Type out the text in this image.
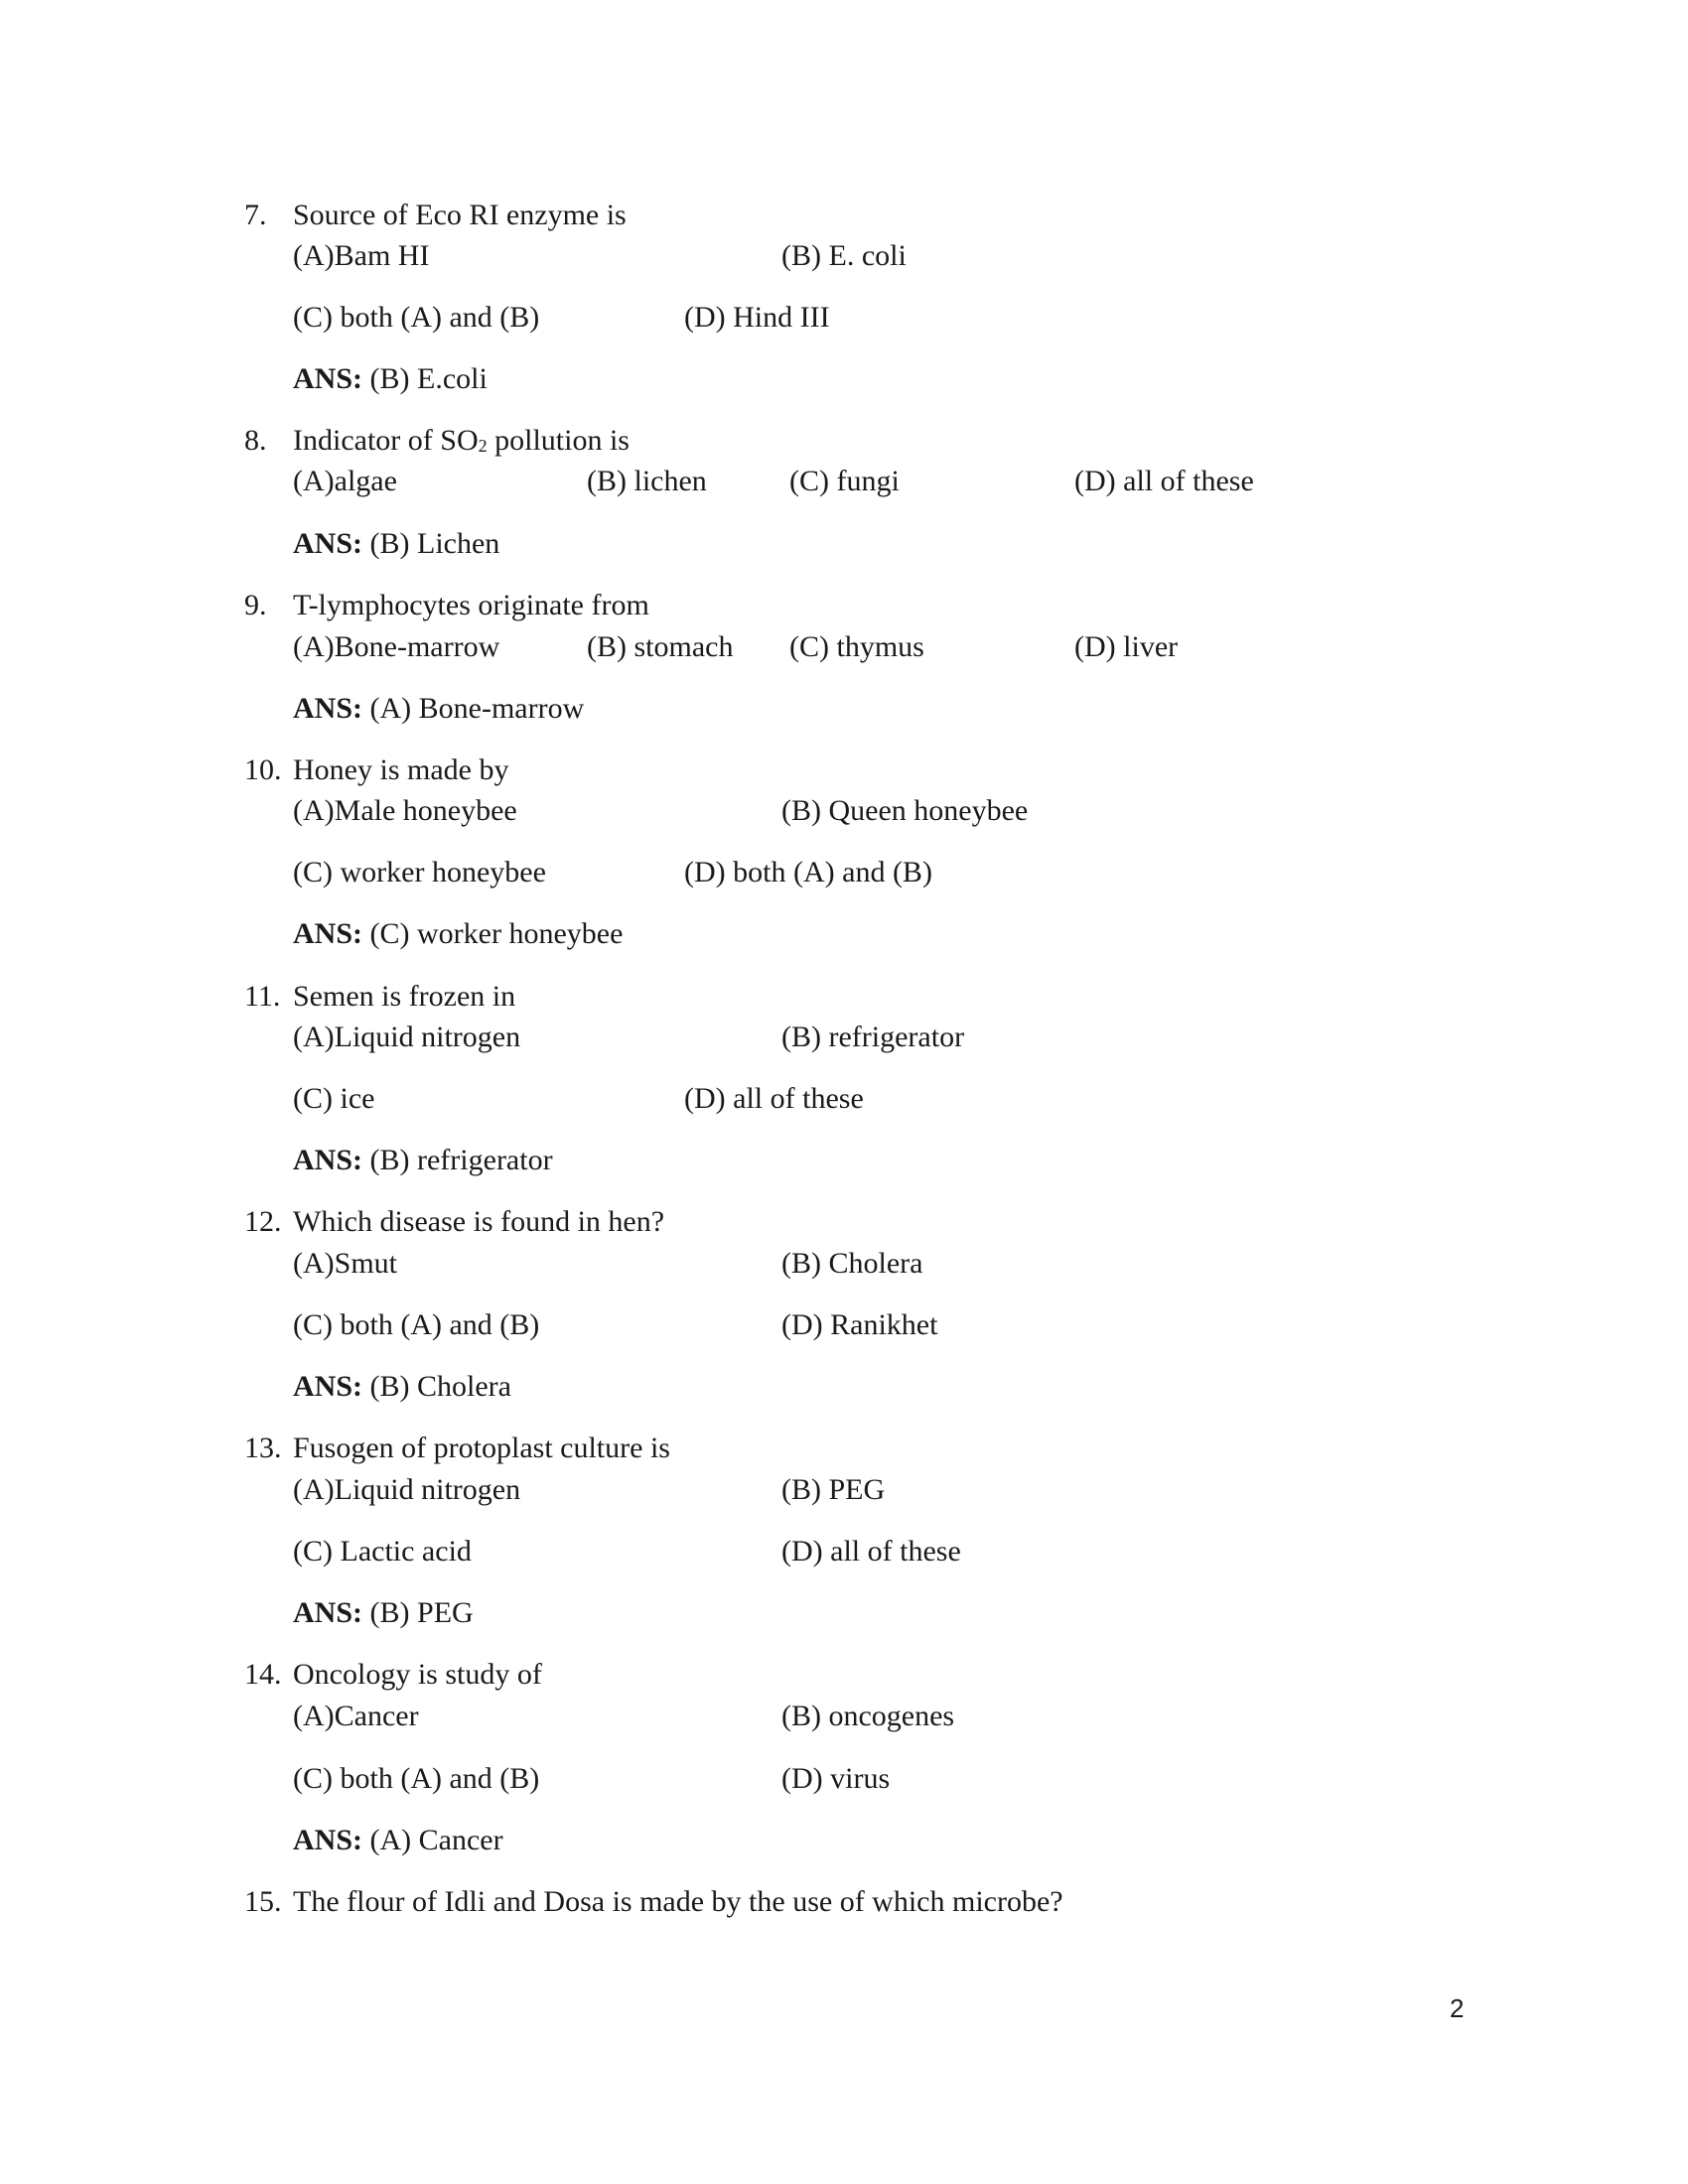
7. Source of Eco RI enzyme is
(A)Bam HI	(B) E. coli
(C) both (A) and (B)	(D) Hind III
ANS: (B) E.coli
8. Indicator of $SO_2$ pollution is
(A)algae	(B) lichen	(C) fungi	(D) all of these
ANS: (B) Lichen
9. T-lymphocytes originate from
(A)Bone-marrow	(B) stomach (C) thymus	(D) liver
ANS: (A) Bone-marrow
10. Honey is made by
(A)Male honeybee	(B) Queen honeybee
(C) worker honeybee	(D) both (A) and (B)
ANS: (C) worker honeybee
11. Semen is frozen in
(A)Liquid nitrogen	(B) refrigerator
(C) ice	(D) all of these
ANS: (B) refrigerator
12. Which disease is found in hen?
(A)Smut	(B) Cholera
(C) both (A) and (B)	(D) Ranikhet
ANS: (B) Cholera
13. Fusogen of protoplast culture is
(A)Liquid nitrogen	(B) PEG
(C) Lactic acid	(D) all of these
ANS: (B) PEG
14. Oncology is study of
(A)Cancer	(B) oncogenes
(C) both (A) and (B)	(D) virus
ANS: (A) Cancer
15. The flour of Idli and Dosa is made by the use of which microbe?
2
